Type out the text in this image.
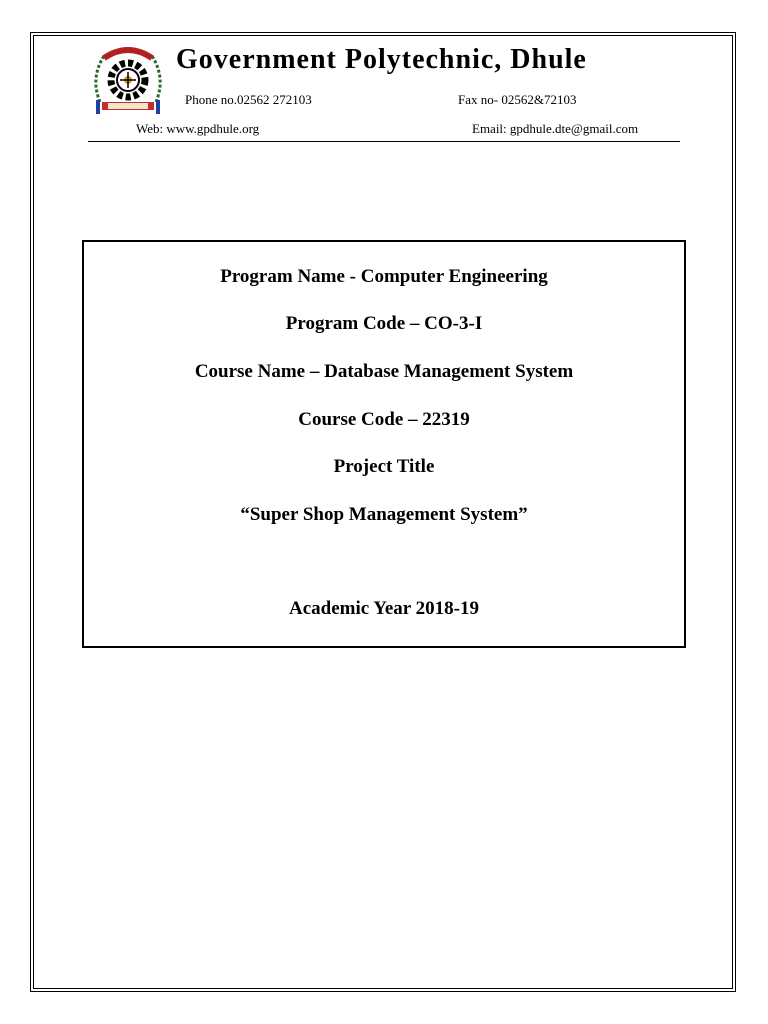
Government Polytechnic, Dhule
Phone no.02562 272103	Fax no- 02562&72103
Web: www.gpdhule.org	Email: gpdhule.dte@gmail.com
Program Name - Computer Engineering
Program Code – CO-3-I
Course Name – Database Management System
Course Code – 22319
Project Title
“Super Shop Management System”
Academic Year 2018-19
